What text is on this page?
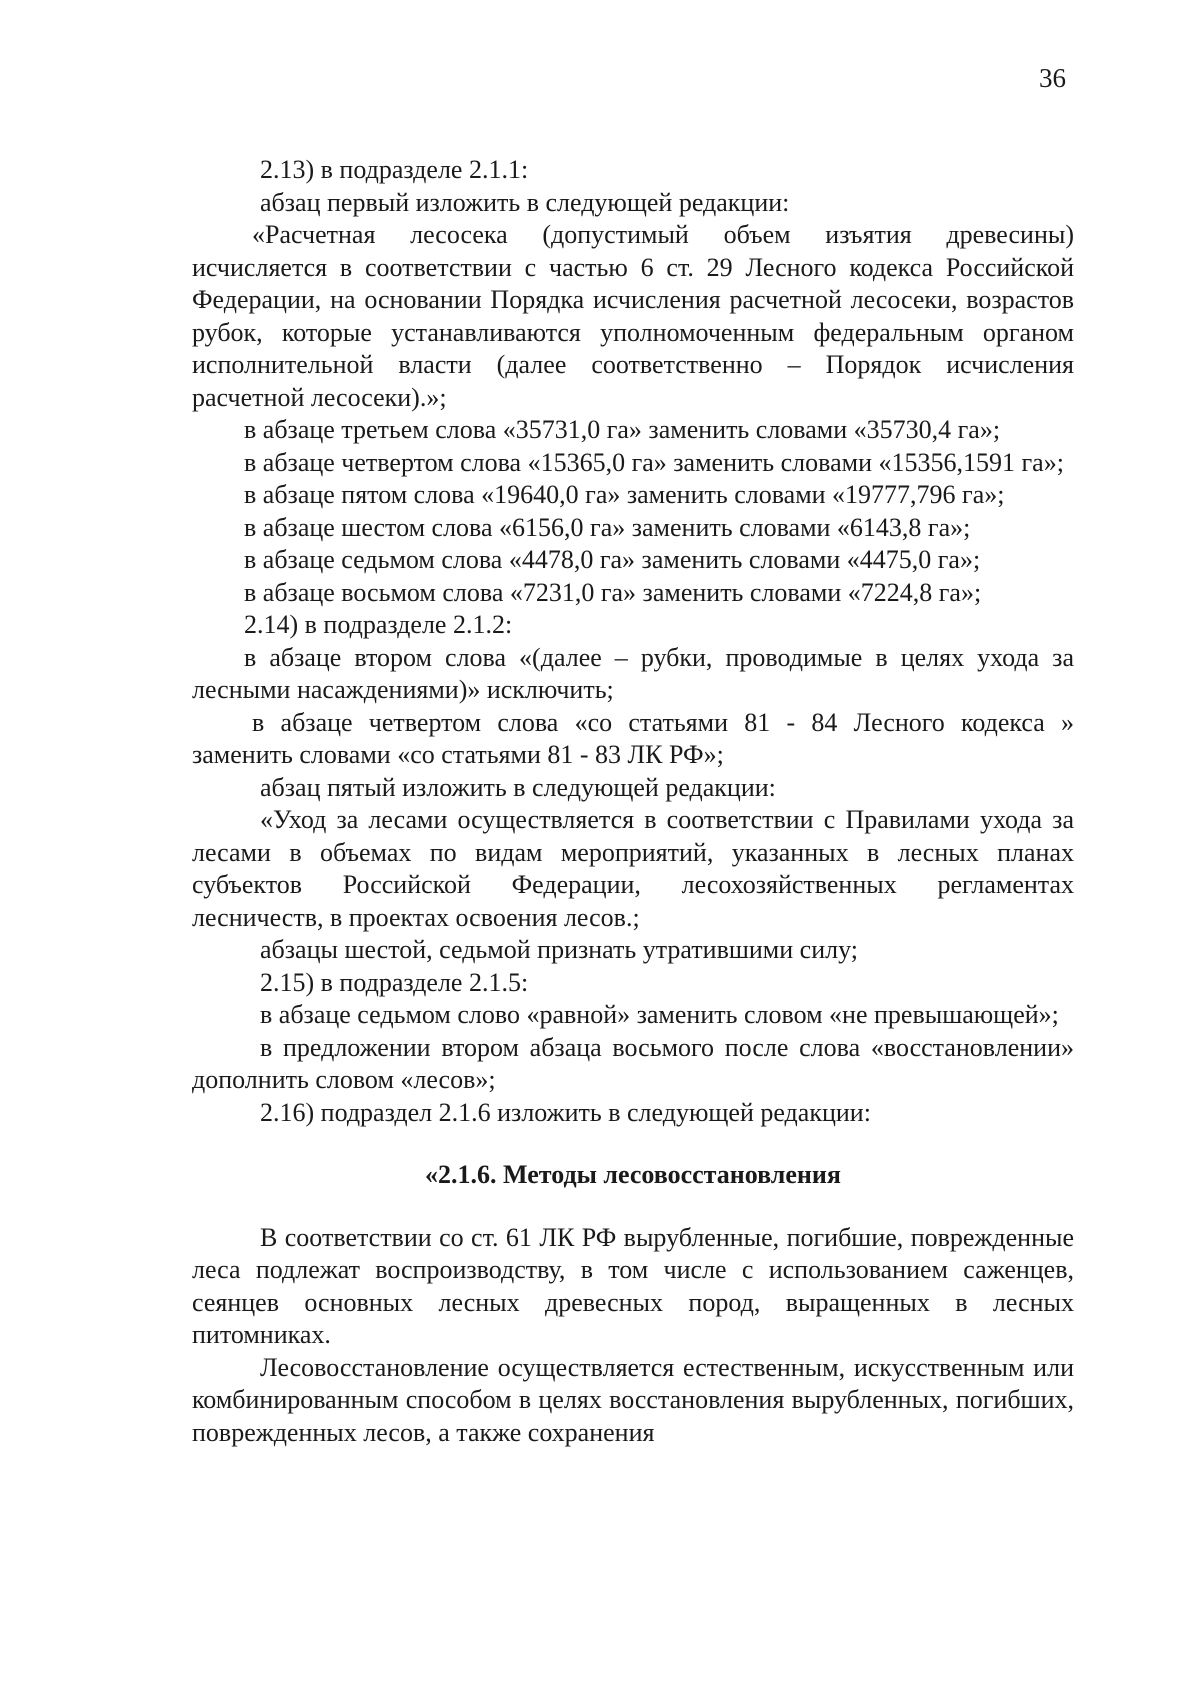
36

2.13) в подразделе 2.1.1:

абзац первый изложить в следующей редакции:

«Расчетная лесосека (допустимый объем изъятия древесины) исчисляется в соответствии с частью 6 ст. 29 Лесного кодекса Российской Федерации, на основании Порядка исчисления расчетной лесосеки, возрастов рубок, которые устанавливаются уполномоченным федеральным органом исполнительной власти (далее соответственно – Порядок исчисления расчетной лесосеки).»;

в абзаце третьем слова «35731,0 га» заменить словами «35730,4 га»;

в абзаце четвертом слова «15365,0 га» заменить словами «15356,1591 га»;

в абзаце пятом слова «19640,0 га» заменить словами «19777,796 га»;

в абзаце шестом слова «6156,0 га» заменить словами «6143,8 га»;

в абзаце седьмом слова «4478,0 га» заменить словами «4475,0 га»;

в абзаце восьмом слова «7231,0 га» заменить словами «7224,8 га»;

2.14) в подразделе 2.1.2:

в абзаце втором слова «(далее – рубки, проводимые в целях ухода за лесными насаждениями)» исключить;

в абзаце четвертом слова «со статьями 81 - 84 Лесного кодекса » заменить словами «со статьями 81 - 83 ЛК РФ»;

абзац пятый изложить в следующей редакции:

«Уход за лесами осуществляется в соответствии с Правилами ухода за лесами в объемах по видам мероприятий, указанных в лесных планах субъектов Российской Федерации, лесохозяйственных регламентах лесничеств, в проектах освоения лесов.;

абзацы шестой, седьмой признать утратившими силу;

2.15) в подразделе 2.1.5:

в абзаце седьмом слово «равной» заменить словом «не превышающей»;

в предложении втором абзаца восьмого после слова «восстановлении» дополнить словом «лесов»;

2.16) подраздел 2.1.6 изложить в следующей редакции:

«2.1.6. Методы лесовосстановления

В соответствии со ст. 61 ЛК РФ вырубленные, погибшие, поврежденные леса подлежат воспроизводству, в том числе с использованием саженцев, сеянцев основных лесных древесных пород, выращенных в лесных питомниках.

Лесовосстановление осуществляется естественным, искусственным или комбинированным способом в целях восстановления вырубленных, погибших, поврежденных лесов, а также сохранения
